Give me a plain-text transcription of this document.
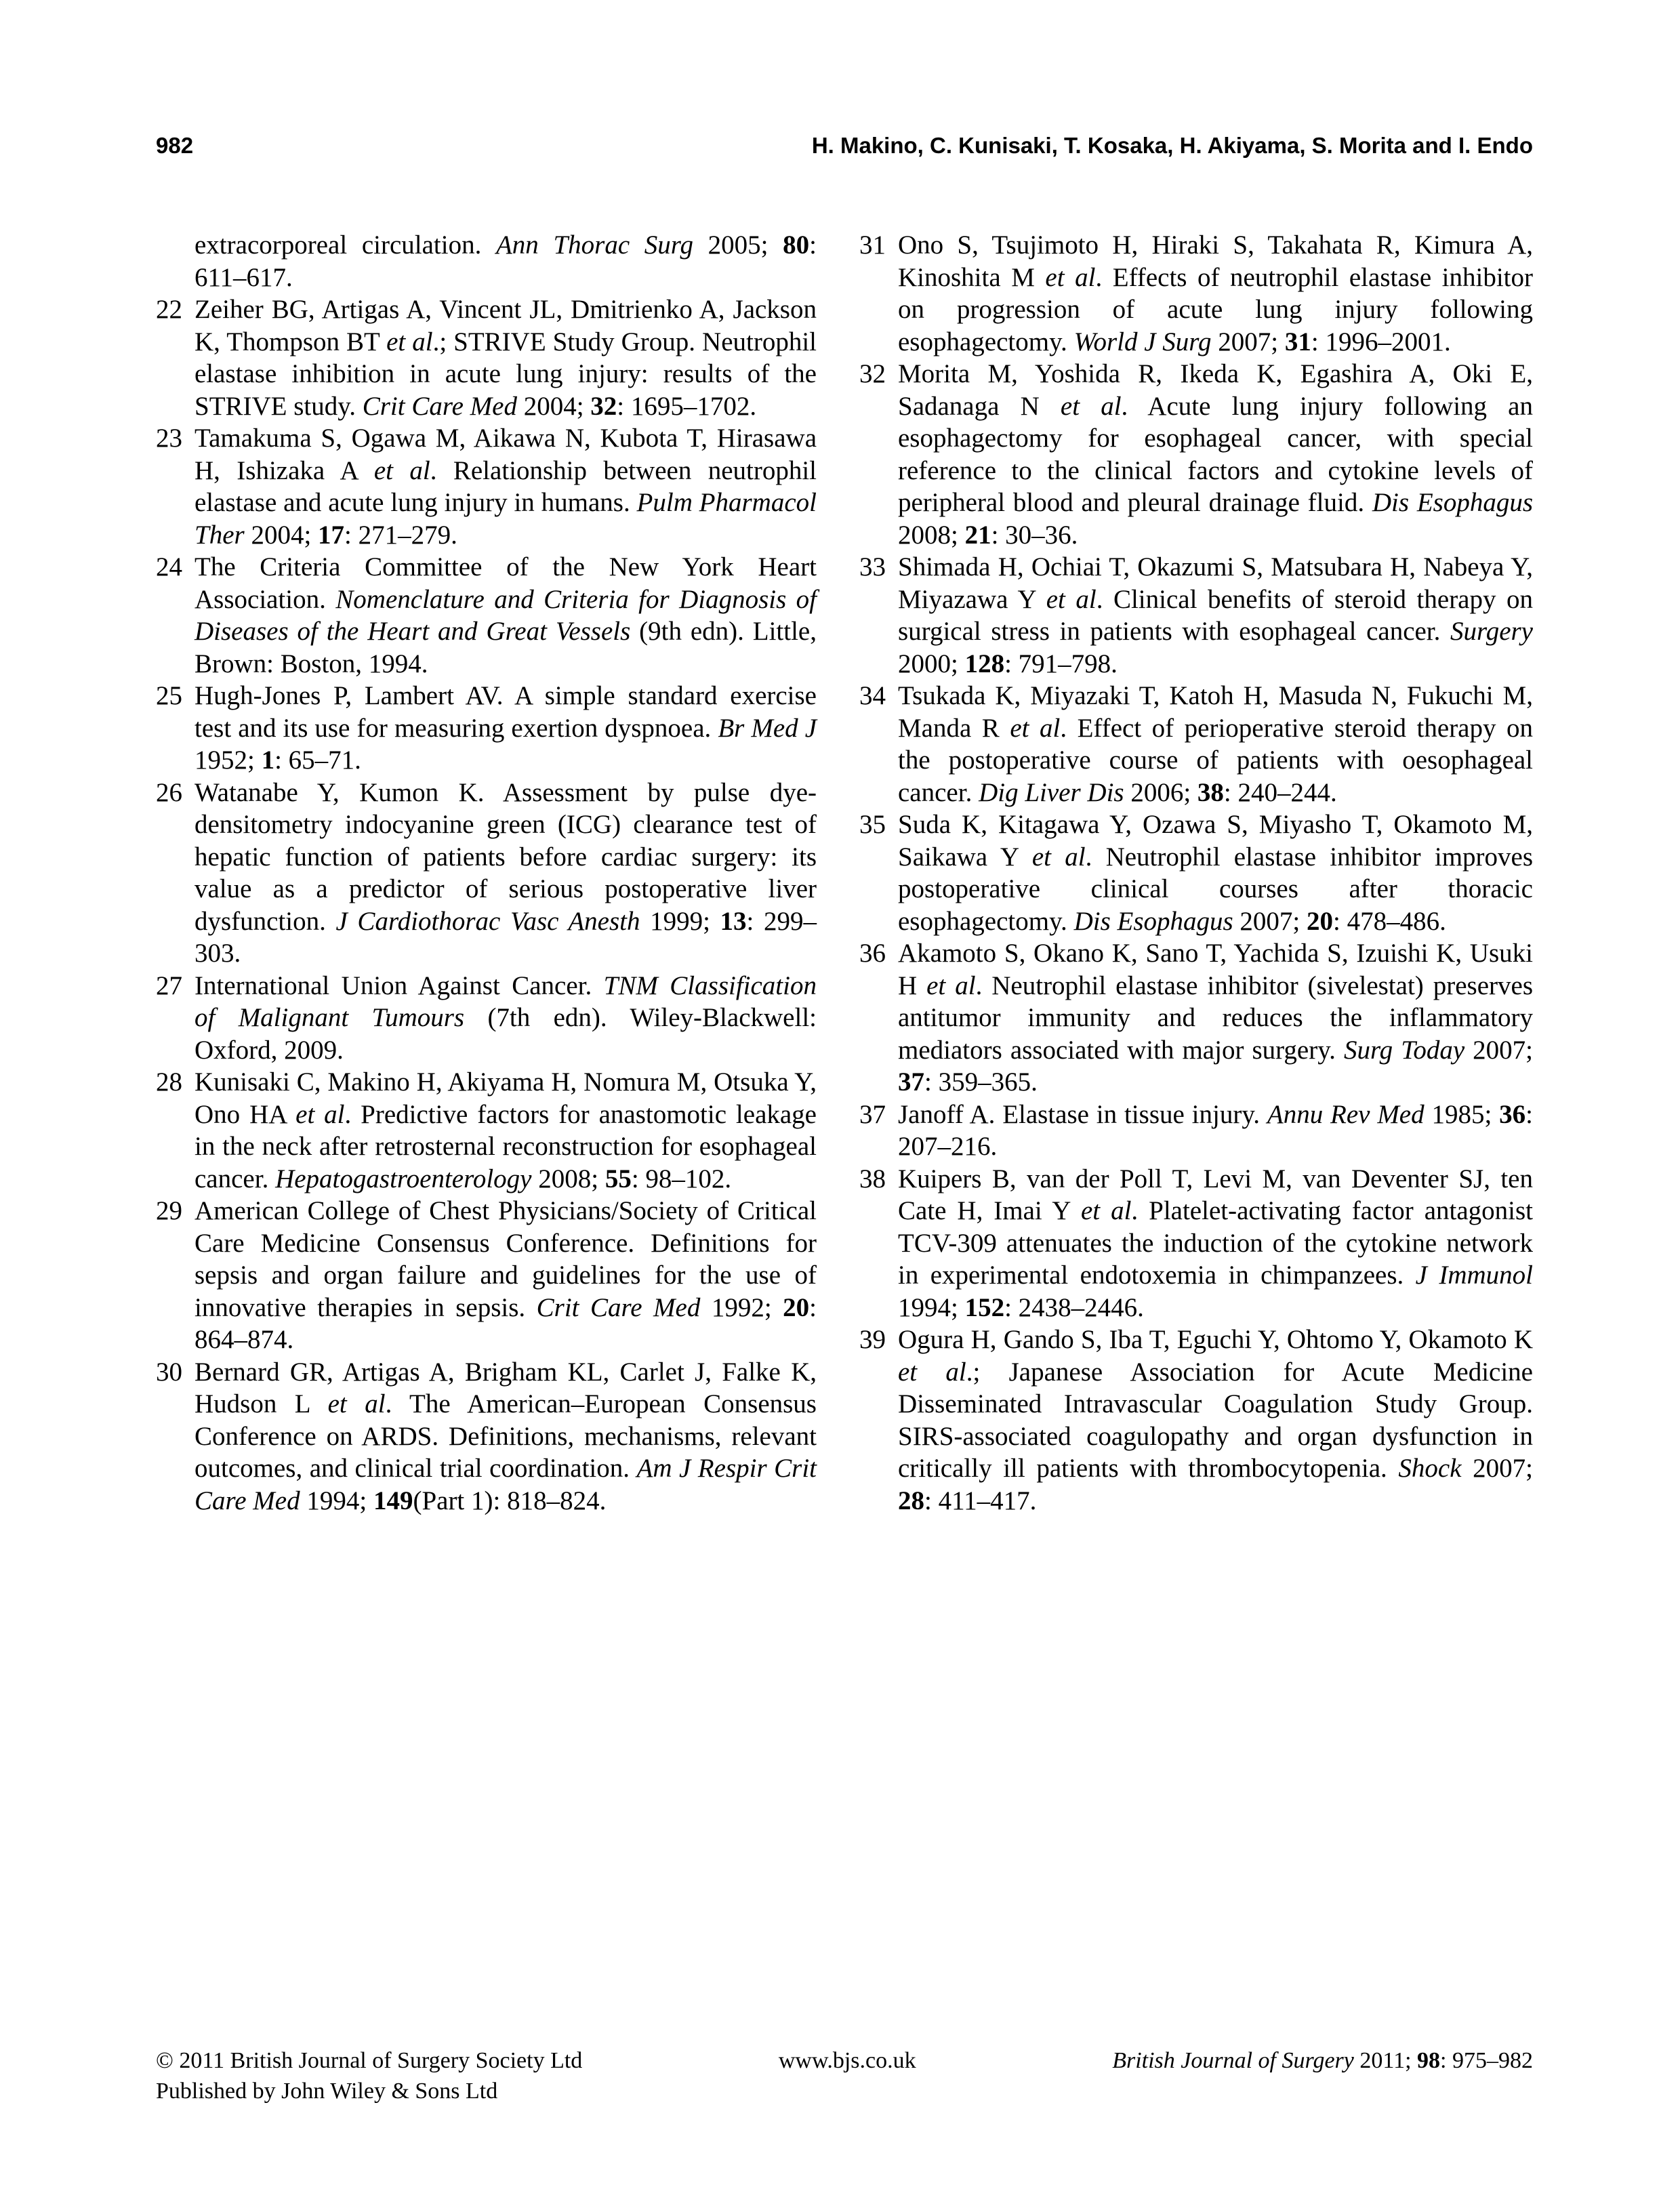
982	H. Makino, C. Kunisaki, T. Kosaka, H. Akiyama, S. Morita and I. Endo

extracorporeal circulation. Ann Thorac Surg 2005; 80: 611–617.

22 Zeiher BG, Artigas A, Vincent JL, Dmitrienko A, Jackson K, Thompson BT et al.; STRIVE Study Group. Neutrophil elastase inhibition in acute lung injury: results of the STRIVE study. Crit Care Med 2004; 32: 1695–1702.

23 Tamakuma S, Ogawa M, Aikawa N, Kubota T, Hirasawa H, Ishizaka A et al. Relationship between neutrophil elastase and acute lung injury in humans. Pulm Pharmacol Ther 2004; 17: 271–279.

24 The Criteria Committee of the New York Heart Association. Nomenclature and Criteria for Diagnosis of Diseases of the Heart and Great Vessels (9th edn). Little, Brown: Boston, 1994.

25 Hugh-Jones P, Lambert AV. A simple standard exercise test and its use for measuring exertion dyspnoea. Br Med J 1952; 1: 65–71.

26 Watanabe Y, Kumon K. Assessment by pulse dye-densitometry indocyanine green (ICG) clearance test of hepatic function of patients before cardiac surgery: its value as a predictor of serious postoperative liver dysfunction. J Cardiothorac Vasc Anesth 1999; 13: 299–303.

27 International Union Against Cancer. TNM Classification of Malignant Tumours (7th edn). Wiley-Blackwell: Oxford, 2009.

28 Kunisaki C, Makino H, Akiyama H, Nomura M, Otsuka Y, Ono HA et al. Predictive factors for anastomotic leakage in the neck after retrosternal reconstruction for esophageal cancer. Hepatogastroenterology 2008; 55: 98–102.

29 American College of Chest Physicians/Society of Critical Care Medicine Consensus Conference. Definitions for sepsis and organ failure and guidelines for the use of innovative therapies in sepsis. Crit Care Med 1992; 20: 864–874.

30 Bernard GR, Artigas A, Brigham KL, Carlet J, Falke K, Hudson L et al. The American–European Consensus Conference on ARDS. Definitions, mechanisms, relevant outcomes, and clinical trial coordination. Am J Respir Crit Care Med 1994; 149(Part 1): 818–824.

31 Ono S, Tsujimoto H, Hiraki S, Takahata R, Kimura A, Kinoshita M et al. Effects of neutrophil elastase inhibitor on progression of acute lung injury following esophagectomy. World J Surg 2007; 31: 1996–2001.

32 Morita M, Yoshida R, Ikeda K, Egashira A, Oki E, Sadanaga N et al. Acute lung injury following an esophagectomy for esophageal cancer, with special reference to the clinical factors and cytokine levels of peripheral blood and pleural drainage fluid. Dis Esophagus 2008; 21: 30–36.

33 Shimada H, Ochiai T, Okazumi S, Matsubara H, Nabeya Y, Miyazawa Y et al. Clinical benefits of steroid therapy on surgical stress in patients with esophageal cancer. Surgery 2000; 128: 791–798.

34 Tsukada K, Miyazaki T, Katoh H, Masuda N, Fukuchi M, Manda R et al. Effect of perioperative steroid therapy on the postoperative course of patients with oesophageal cancer. Dig Liver Dis 2006; 38: 240–244.

35 Suda K, Kitagawa Y, Ozawa S, Miyasho T, Okamoto M, Saikawa Y et al. Neutrophil elastase inhibitor improves postoperative clinical courses after thoracic esophagectomy. Dis Esophagus 2007; 20: 478–486.

36 Akamoto S, Okano K, Sano T, Yachida S, Izuishi K, Usuki H et al. Neutrophil elastase inhibitor (sivelestat) preserves antitumor immunity and reduces the inflammatory mediators associated with major surgery. Surg Today 2007; 37: 359–365.

37 Janoff A. Elastase in tissue injury. Annu Rev Med 1985; 36: 207–216.

38 Kuipers B, van der Poll T, Levi M, van Deventer SJ, ten Cate H, Imai Y et al. Platelet-activating factor antagonist TCV-309 attenuates the induction of the cytokine network in experimental endotoxemia in chimpanzees. J Immunol 1994; 152: 2438–2446.

39 Ogura H, Gando S, Iba T, Eguchi Y, Ohtomo Y, Okamoto K et al.; Japanese Association for Acute Medicine Disseminated Intravascular Coagulation Study Group. SIRS-associated coagulopathy and organ dysfunction in critically ill patients with thrombocytopenia. Shock 2007; 28: 411–417.

© 2011 British Journal of Surgery Society Ltd
Published by John Wiley & Sons Ltd
www.bjs.co.uk	British Journal of Surgery 2011; 98: 975–982
